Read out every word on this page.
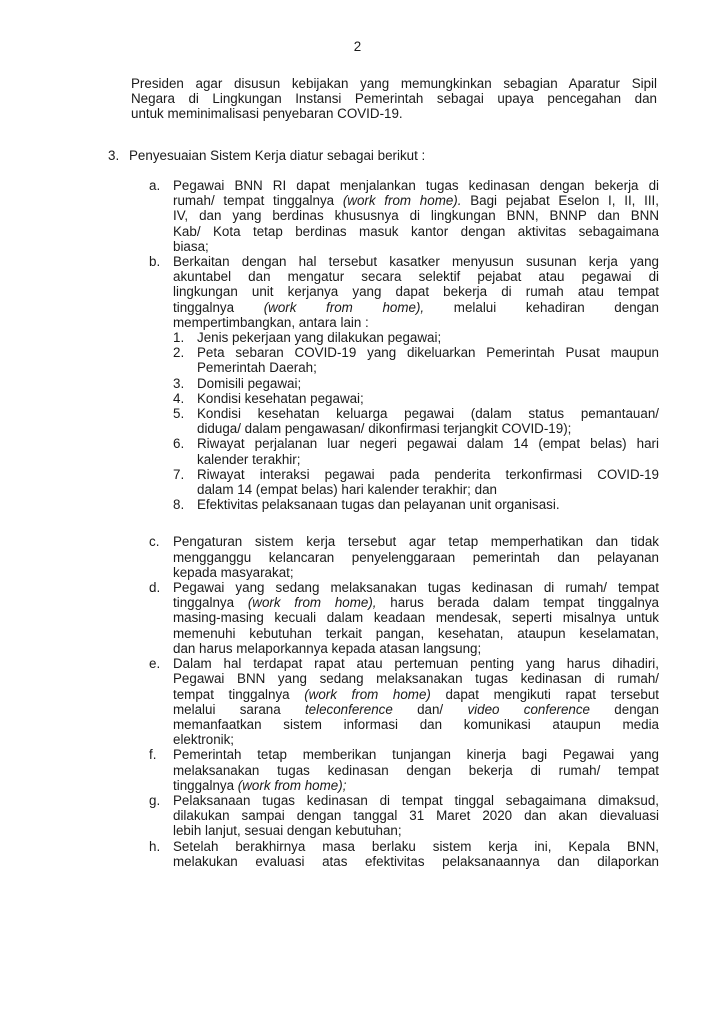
2
Presiden agar disusun kebijakan yang memungkinkan sebagian Aparatur Sipil
Negara di Lingkungan Instansi Pemerintah sebagai upaya pencegahan dan
untuk meminimalisasi penyebaran COVID-19.
3. Penyesuaian Sistem Kerja diatur sebagai berikut :
a. Pegawai BNN RI dapat menjalankan tugas kedinasan dengan bekerja di
rumah/ tempat tinggalnya (work from home). Bagi pejabat Eselon I, II, III,
IV, dan yang berdinas khususnya di lingkungan BNN, BNNP dan BNN
Kab/ Kota tetap berdinas masuk kantor dengan aktivitas sebagaimana
biasa;
b. Berkaitan dengan hal tersebut kasatker menyusun susunan kerja yang
akuntabel dan mengatur secara selektif pejabat atau pegawai di
lingkungan unit kerjanya yang dapat bekerja di rumah atau tempat
tinggalnya (work from home), melalui kehadiran dengan
mempertimbangkan, antara lain :
1. Jenis pekerjaan yang dilakukan pegawai;
2. Peta sebaran COVID-19 yang dikeluarkan Pemerintah Pusat maupun
Pemerintah Daerah;
3. Domisili pegawai;
4. Kondisi kesehatan pegawai;
5. Kondisi kesehatan keluarga pegawai (dalam status pemantauan/
diduga/ dalam pengawasan/ dikonfirmasi terjangkit COVID-19);
6. Riwayat perjalanan luar negeri pegawai dalam 14 (empat belas) hari
kalender terakhir;
7. Riwayat interaksi pegawai pada penderita terkonfirmasi COVID-19
dalam 14 (empat belas) hari kalender terakhir; dan
8. Efektivitas pelaksanaan tugas dan pelayanan unit organisasi.
c. Pengaturan sistem kerja tersebut agar tetap memperhatikan dan tidak
mengganggu kelancaran penyelenggaraan pemerintah dan pelayanan
kepada masyarakat;
d. Pegawai yang sedang melaksanakan tugas kedinasan di rumah/ tempat
tinggalnya (work from home), harus berada dalam tempat tinggalnya
masing-masing kecuali dalam keadaan mendesak, seperti misalnya untuk
memenuhi kebutuhan terkait pangan, kesehatan, ataupun keselamatan,
dan harus melaporkannya kepada atasan langsung;
e. Dalam hal terdapat rapat atau pertemuan penting yang harus dihadiri,
Pegawai BNN yang sedang melaksanakan tugas kedinasan di rumah/
tempat tinggalnya (work from home) dapat mengikuti rapat tersebut
melalui sarana teleconference dan/ video conference dengan
memanfaatkan sistem informasi dan komunikasi ataupun media
elektronik;
f. Pemerintah tetap memberikan tunjangan kinerja bagi Pegawai yang
melaksanakan tugas kedinasan dengan bekerja di rumah/ tempat
tinggalnya (work from home);
g. Pelaksanaan tugas kedinasan di tempat tinggal sebagaimana dimaksud,
dilakukan sampai dengan tanggal 31 Maret 2020 dan akan dievaluasi
lebih lanjut, sesuai dengan kebutuhan;
h. Setelah berakhirnya masa berlaku sistem kerja ini, Kepala BNN,
melakukan evaluasi atas efektivitas pelaksanaannya dan dilaporkan
